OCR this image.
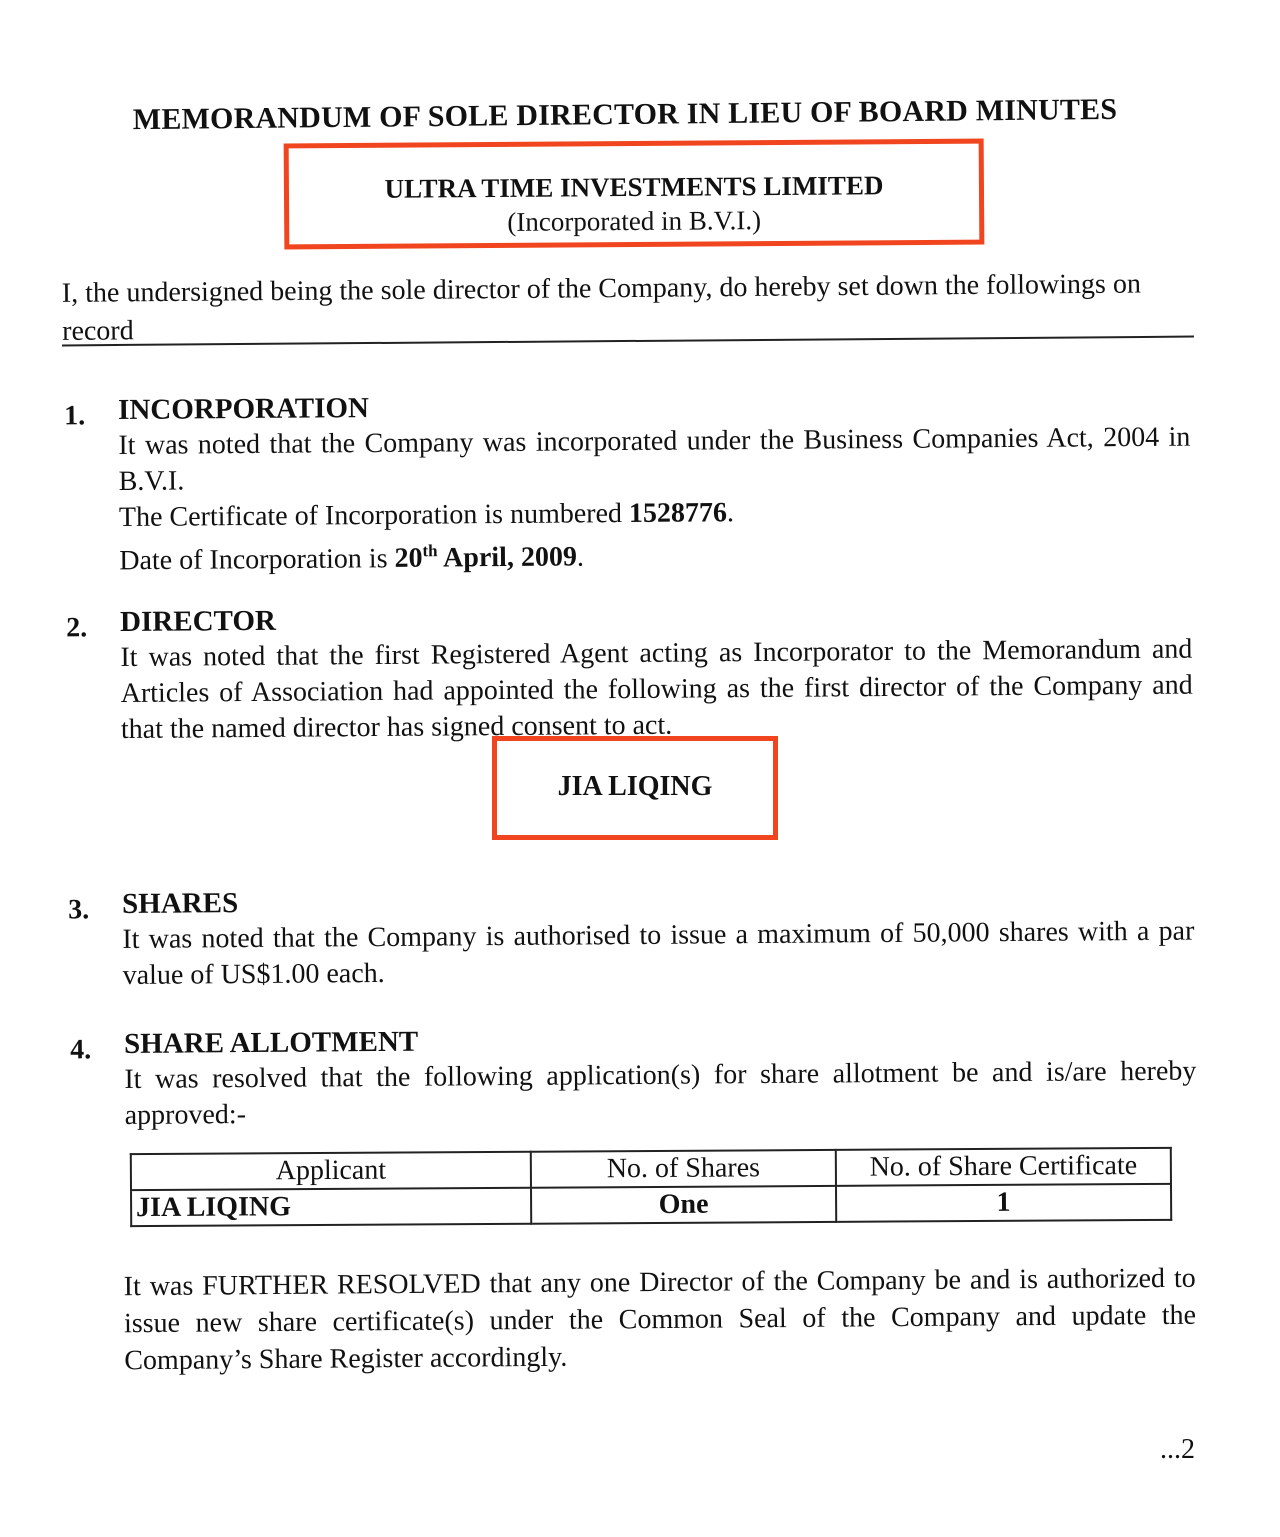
MEMORANDUM OF SOLE DIRECTOR IN LIEU OF BOARD MINUTES
ULTRA TIME INVESTMENTS LIMITED
(Incorporated in B.V.I.)
I, the undersigned being the sole director of the Company, do hereby set down the followings on record
1. INCORPORATION

It was noted that the Company was incorporated under the Business Companies Act, 2004 in B.V.I.

The Certificate of Incorporation is numbered 1528776.

Date of Incorporation is 20th April, 2009.

2. DIRECTOR
It was noted that the first Registered Agent acting as Incorporator to the Memorandum and Articles of Association had appointed the following as the first director of the Company and that the named director has signed consent to act.
JIA LIQING
3. SHARES
It was noted that the Company is authorised to issue a maximum of 50,000 shares with a par value of US$1.00 each.
4. SHARE ALLOTMENT
It was resolved that the following application(s) for share allotment be and is/are hereby approved:-
Applicant	No. of Shares	No. of Share Certificate
JIA LIQING	One	1
It was FURTHER RESOLVED that any one Director of the Company be and is authorized to issue new share certificate(s) under the Common Seal of the Company and update the Company’s Share Register accordingly.
...2
